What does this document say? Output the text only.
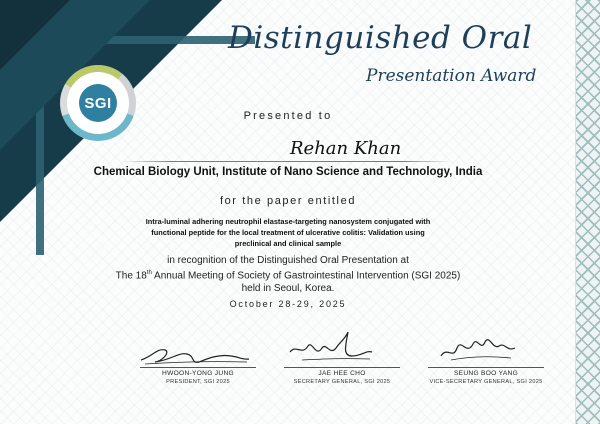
SGI
Distinguished Oral
Presentation Award
Presented to
Rehan Khan
Chemical Biology Unit, Institute of Nano Science and Technology, India
for the paper entitled
Intra-luminal adhering neutrophil elastase-targeting nanosystem conjugated with functional peptide for the local treatment of ulcerative colitis: Validation using preclinical and clinical sample
in recognition of the Distinguished Oral Presentation at
The 18th Annual Meeting of Society of Gastrointestinal Intervention (SGI 2025)
held in Seoul, Korea.
October 28-29, 2025
HWOON-YONG JUNG
PRESIDENT, SGI 2025
JAE HEE CHO
SECRETARY GENERAL, SGI 2025
SEUNG BOO YANG
VICE-SECRETARY GENERAL, SGI 2025
